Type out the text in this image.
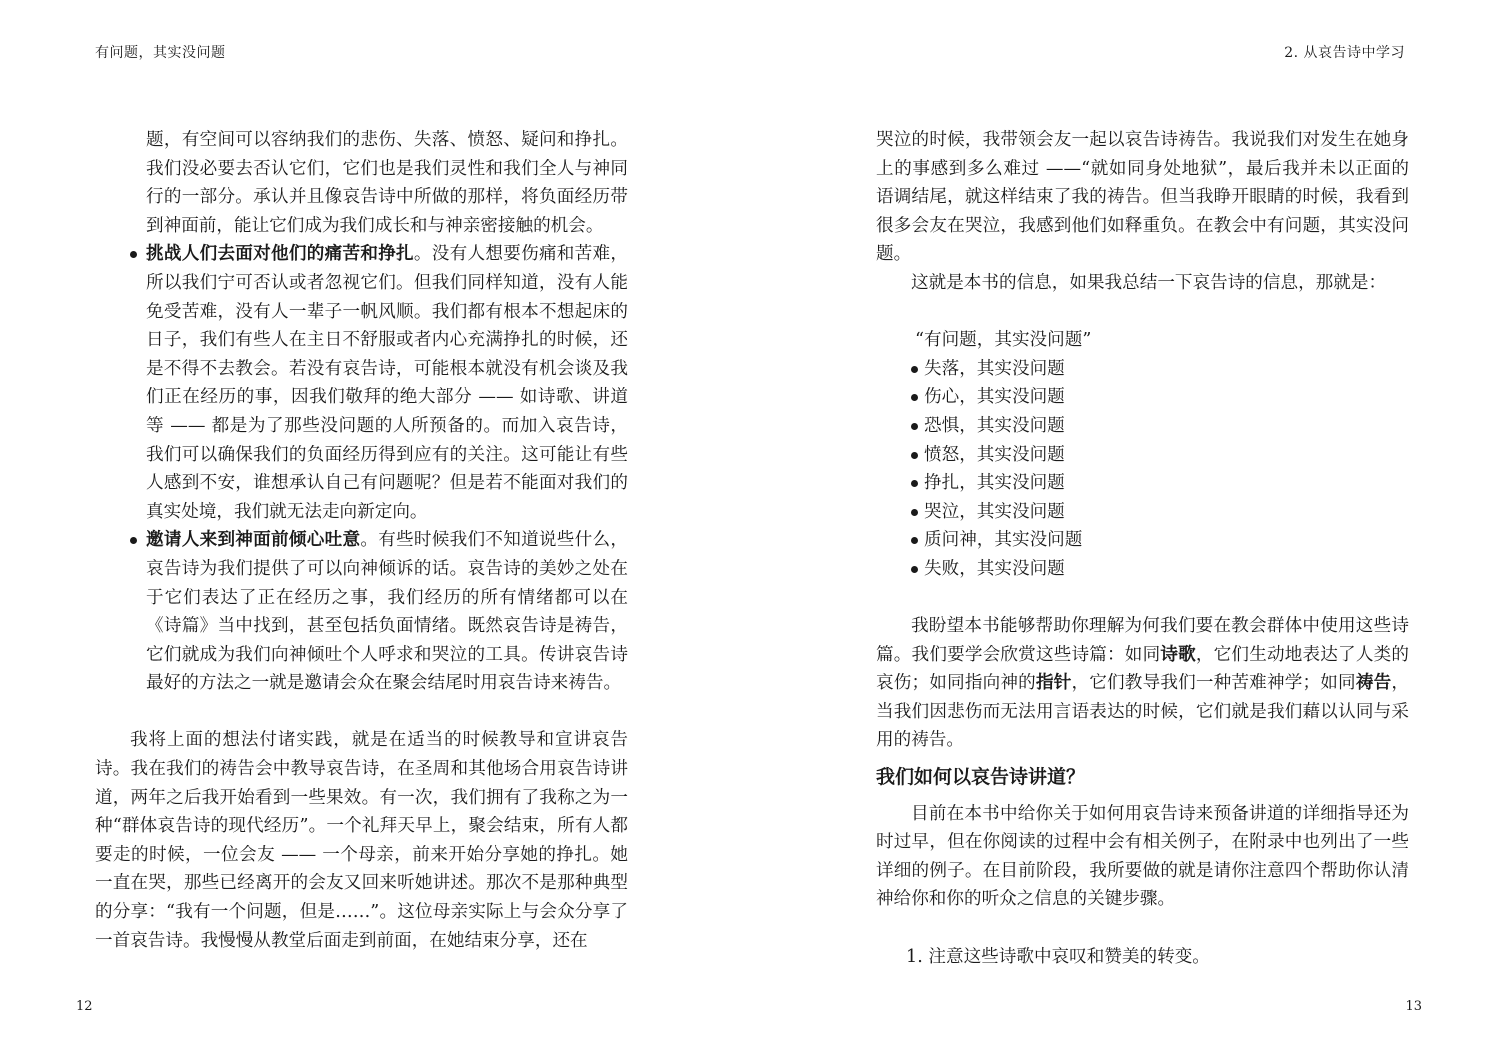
有问题，其实没问题

题，有空间可以容纳我们的悲伤、失落、愤怒、疑问和挣扎。我们没必要去否认它们，它们也是我们灵性和我们全人与神同行的一部分。承认并且像哀告诗中所做的那样，将负面经历带到神面前，能让它们成为我们成长和与神亲密接触的机会。

挑战人们去面对他们的痛苦和挣扎。没有人想要伤痛和苦难，所以我们宁可否认或者忽视它们。但我们同样知道，没有人能免受苦难，没有人一辈子一帆风顺。我们都有根本不想起床的日子，我们有些人在主日不舒服或者内心充满挣扎的时候，还是不得不去教会。若没有哀告诗，可能根本就没有机会谈及我们正在经历的事，因我们敬拜的绝大部分 —— 如诗歌、讲道等 —— 都是为了那些没问题的人所预备的。而加入哀告诗，我们可以确保我们的负面经历得到应有的关注。这可能让有些人感到不安，谁想承认自己有问题呢？但是若不能面对我们的真实处境，我们就无法走向新定向。
邀请人来到神面前倾心吐意。有些时候我们不知道说些什么，哀告诗为我们提供了可以向神倾诉的话。哀告诗的美妙之处在于它们表达了正在经历之事，我们经历的所有情绪都可以在《诗篇》当中找到，甚至包括负面情绪。既然哀告诗是祷告，它们就成为我们向神倾吐个人呼求和哭泣的工具。传讲哀告诗最好的方法之一就是邀请会众在聚会结尾时用哀告诗来祷告。

我将上面的想法付诸实践，就是在适当的时候教导和宣讲哀告诗。我在我们的祷告会中教导哀告诗，在圣周和其他场合用哀告诗讲道，两年之后我开始看到一些果效。有一次，我们拥有了我称之为一种“群体哀告诗的现代经历”。一个礼拜天早上，聚会结束，所有人都要走的时候，一位会友 —— 一个母亲，前来开始分享她的挣扎。她一直在哭，那些已经离开的会友又回来听她讲述。那次不是那种典型的分享：“我有一个问题，但是……”。这位母亲实际上与会众分享了一首哀告诗。我慢慢从教堂后面走到前面，在她结束分享，还在

12
2. 从哀告诗中学习

哭泣的时候，我带领会友一起以哀告诗祷告。我说我们对发生在她身上的事感到多么难过 ——“就如同身处地狱”，最后我并未以正面的语调结尾，就这样结束了我的祷告。但当我睁开眼睛的时候，我看到很多会友在哭泣，我感到他们如释重负。在教会中有问题，其实没问题。

这就是本书的信息，如果我总结一下哀告诗的信息，那就是：

“有问题，其实没问题”
失落，其实没问题
伤心，其实没问题
恐惧，其实没问题
愤怒，其实没问题
挣扎，其实没问题
哭泣，其实没问题
质问神，其实没问题
失败，其实没问题

我盼望本书能够帮助你理解为何我们要在教会群体中使用这些诗篇。我们要学会欣赏这些诗篇：如同诗歌，它们生动地表达了人类的哀伤；如同指向神的指针，它们教导我们一种苦难神学；如同祷告，当我们因悲伤而无法用言语表达的时候，它们就是我们藉以认同与采用的祷告。

我们如何以哀告诗讲道？

目前在本书中给你关于如何用哀告诗来预备讲道的详细指导还为时过早，但在你阅读的过程中会有相关例子，在附录中也列出了一些详细的例子。在目前阶段，我所要做的就是请你注意四个帮助你认清神给你和你的听众之信息的关键步骤。

1. 注意这些诗歌中哀叹和赞美的转变。

13
